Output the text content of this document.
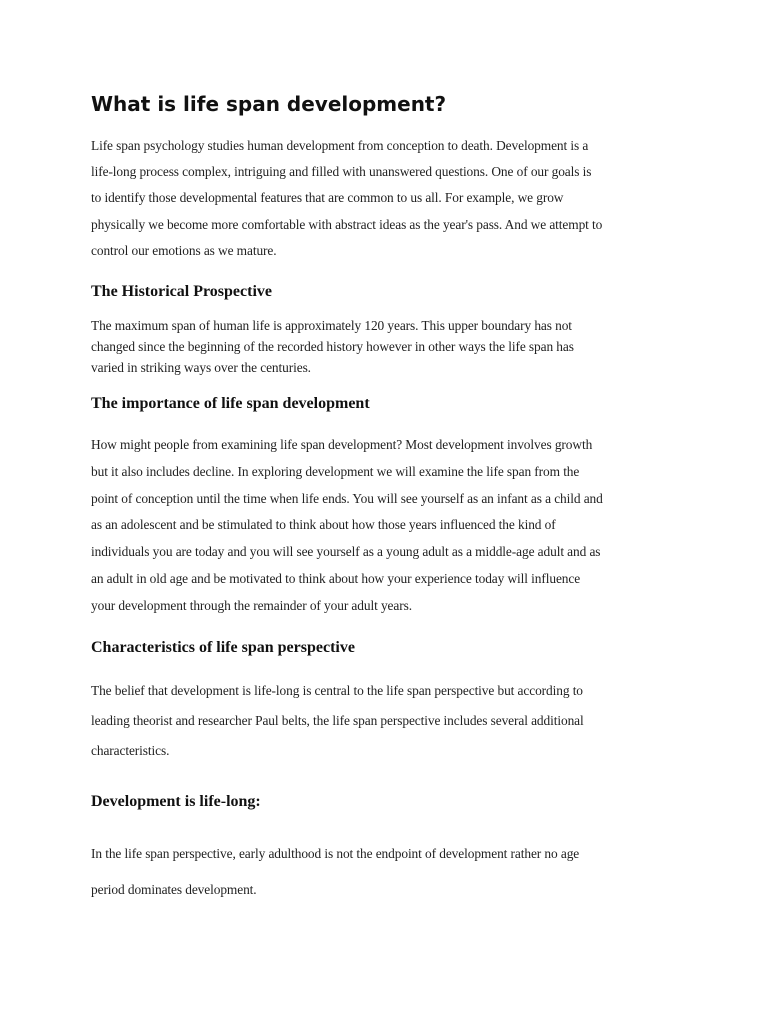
What is life span development?

Life span psychology studies human development from conception to death. Development is a
life-long process complex, intriguing and filled with unanswered questions. One of our goals is
to identify those developmental features that are common to us all. For example, we grow
physically we become more comfortable with abstract ideas as the year's pass. And we attempt to
control our emotions as we mature.

The Historical Prospective

The maximum span of human life is approximately 120 years. This upper boundary has not
changed since the beginning of the recorded history however in other ways the life span has
varied in striking ways over the centuries.

The importance of life span development

How might people from examining life span development? Most development involves growth
but it also includes decline. In exploring development we will examine the life span from the
point of conception until the time when life ends. You will see yourself as an infant as a child and
as an adolescent and be stimulated to think about how those years influenced the kind of
individuals you are today and you will see yourself as a young adult as a middle-age adult and as
an adult in old age and be motivated to think about how your experience today will influence
your development through the remainder of your adult years.

Characteristics of life span perspective

The belief that development is life-long is central to the life span perspective but according to
leading theorist and researcher Paul belts, the life span perspective includes several additional
characteristics.

Development is life-long:

In the life span perspective, early adulthood is not the endpoint of development rather no age
period dominates development.
